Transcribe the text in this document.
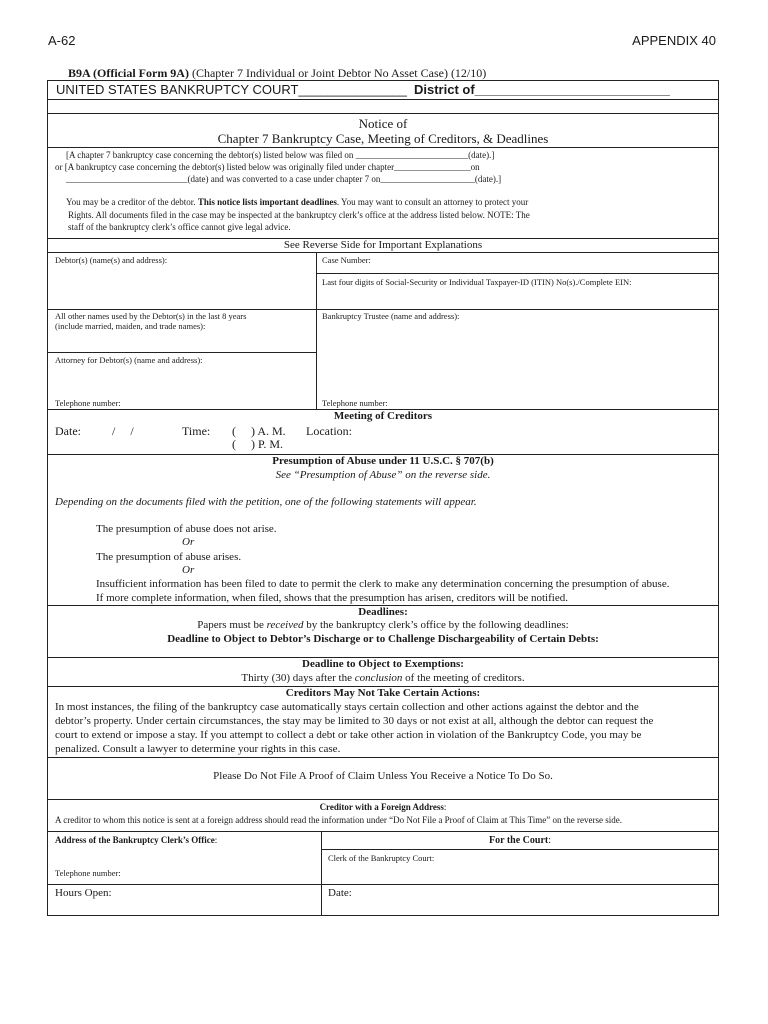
A-62	APPENDIX 40
B9A (Official Form 9A) (Chapter 7 Individual or Joint Debtor No Asset Case) (12/10)
UNITED STATES BANKRUPTCY COURT_______________ District of___________________________
Notice of
Chapter 7 Bankruptcy Case, Meeting of Creditors, & Deadlines
[A chapter 7 bankruptcy case concerning the debtor(s) listed below was filed on _________________________(date).]
or [A bankruptcy case concerning the debtor(s) listed below was originally filed under chapter_________________on
___________________________(date) and was converted to a case under chapter 7 on_____________________(date).]
You may be a creditor of the debtor. This notice lists important deadlines. You may want to consult an attorney to protect your
Rights. All documents filed in the case may be inspected at the bankruptcy clerk’s office at the address listed below. NOTE: The
staff of the bankruptcy clerk’s office cannot give legal advice.
See Reverse Side for Important Explanations
Debtor(s) (name(s) and address):	Case Number:
Last four digits of Social-Security or Individual Taxpayer-ID (ITIN) No(s)./Complete EIN:
All other names used by the Debtor(s) in the last 8 years
(include married, maiden, and trade names):
Bankruptcy Trustee (name and address):
Attorney for Debtor(s) (name and address):
Telephone number:	Telephone number:
Meeting of Creditors
Date:	/     /	Time: (     ) A. M.
(     ) P. M.
Location:
Presumption of Abuse under 11 U.S.C. § 707(b)
See “Presumption of Abuse” on the reverse side.
Depending on the documents filed with the petition, one of the following statements will appear.
The presumption of abuse does not arise.
Or
The presumption of abuse arises.
Or
Insufficient information has been filed to date to permit the clerk to make any determination concerning the presumption of abuse.
If more complete information, when filed, shows that the presumption has arisen, creditors will be notified.
Deadlines:
Papers must be received by the bankruptcy clerk’s office by the following deadlines:
Deadline to Object to Debtor’s Discharge or to Challenge Dischargeability of Certain Debts:
Deadline to Object to Exemptions:
Thirty (30) days after the conclusion of the meeting of creditors.
Creditors May Not Take Certain Actions:
In most instances, the filing of the bankruptcy case automatically stays certain collection and other actions against the debtor and the
debtor’s property. Under certain circumstances, the stay may be limited to 30 days or not exist at all, although the debtor can request the
court to extend or impose a stay. If you attempt to collect a debt or take other action in violation of the Bankruptcy Code, you may be
penalized. Consult a lawyer to determine your rights in this case.
Please Do Not File A Proof of Claim Unless You Receive a Notice To Do So.
Creditor with a Foreign Address:
A creditor to whom this notice is sent at a foreign address should read the information under “Do Not File a Proof of Claim at This Time” on the reverse side.
Address of the Bankruptcy Clerk’s Office:	For the Court:
Clerk of the Bankruptcy Court:
Telephone number:
Hours Open:	Date:
